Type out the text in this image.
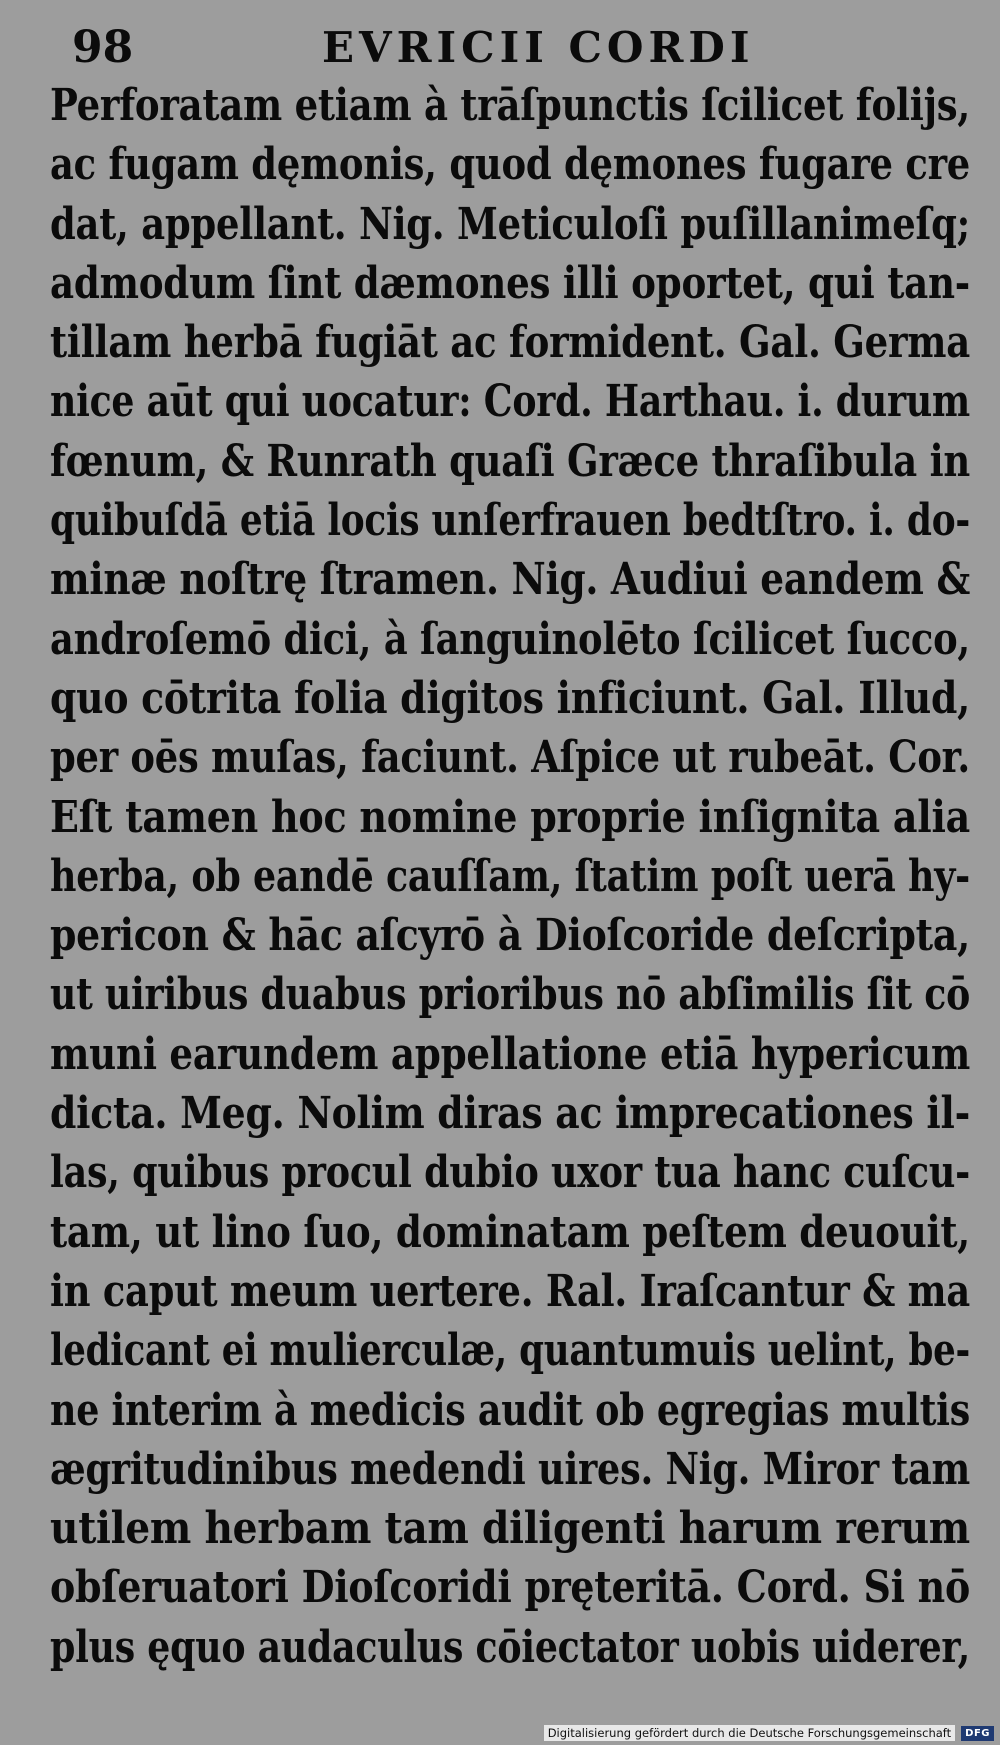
98	EVRICII CORDI
Perforatam etiam à trāſpunctis ſcilicet folijs,
ac fugam dęmonis, quod dęmones fugare cre
dat, appellant. Nig. Meticuloſi puſillanimeſq;
admodum ſint dæmones illi oportet, qui tan-
tillam herbā fugiāt ac formident. Gal. Germa
nice aūt qui uocatur: Cord. Harthau. i. durum
fœnum, & Runrath quaſi Græce thraſibula in
quibuſdā etiā locis unſerfrauen bedtſtro. i. do-
minæ noſtrę ſtramen. Nig. Audiui eandem &
androſemō dici, à ſanguinolēto ſcilicet ſucco,
quo cōtrita folia digitos inficiunt. Gal. Illud,
per oēs muſas, faciunt. Aſpice ut rubeāt. Cor.
Eſt tamen hoc nomine proprie inſignita alia
herba, ob eandē cauſſam, ſtatim poſt uerā hy-
pericon & hāc aſcyrō à Dioſcoride deſcripta,
ut uiribus duabus prioribus nō abſimilis ſit cō
muni earundem appellatione etiā hypericum
dicta. Meg. Nolim diras ac imprecationes il-
las, quibus procul dubio uxor tua hanc cuſcu-
tam, ut lino ſuo, dominatam peſtem deuouit,
in caput meum uertere. Ral. Iraſcantur & ma
ledicant ei mulierculæ, quantumuis uelint, be-
ne interim à medicis audit ob egregias multis
ægritudinibus medendi uires. Nig. Miror tam
utilem herbam tam diligenti harum rerum
obſeruatori Dioſcoridi pręteritā. Cord. Si nō
plus ęquo audaculus cōiectator uobis uiderer,
Digitalisierung gefördert durch die Deutsche Forschungsgemeinschaft	DFG
